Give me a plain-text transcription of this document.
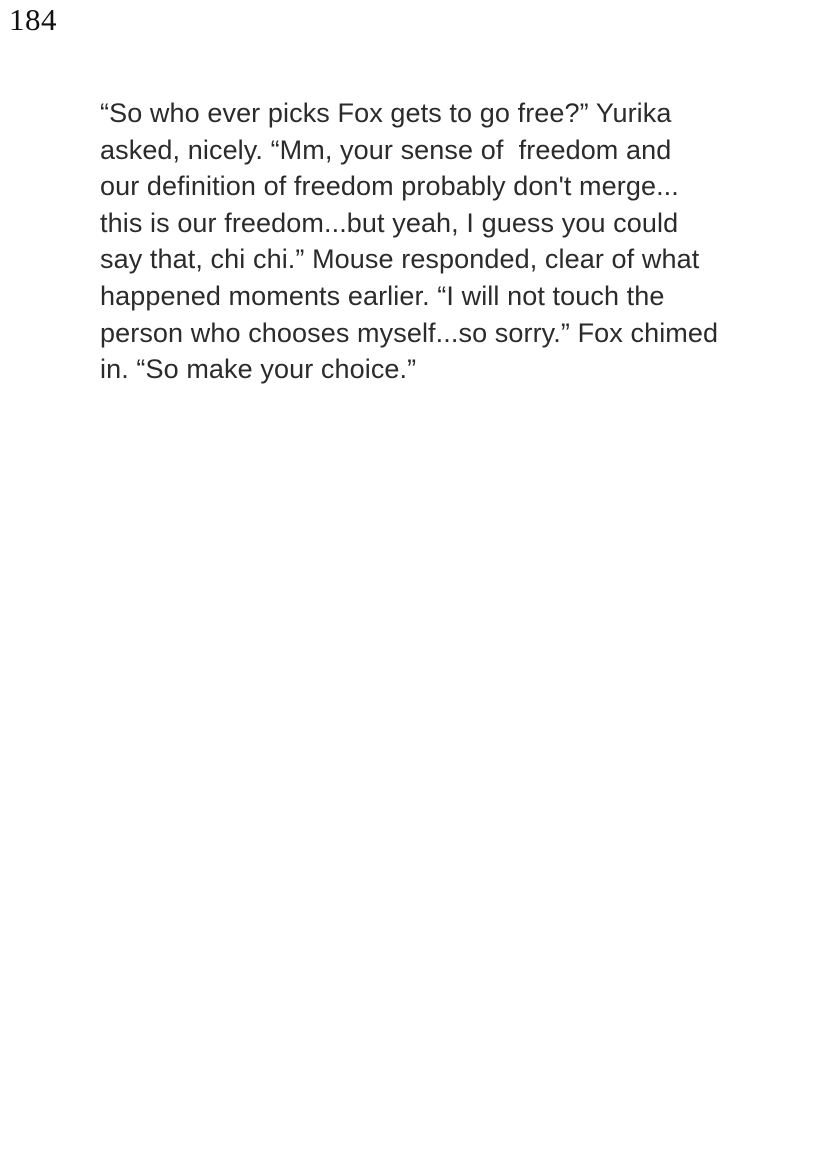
184
“So who ever picks Fox gets to go free?” Yurika
asked, nicely. “Mm, your sense of  freedom and
our definition of freedom probably don't merge...
this is our freedom...but yeah, I guess you could
say that, chi chi.” Mouse responded, clear of what
happened moments earlier. “I will not touch the
person who chooses myself...so sorry.” Fox chimed
in. “So make your choice.”
